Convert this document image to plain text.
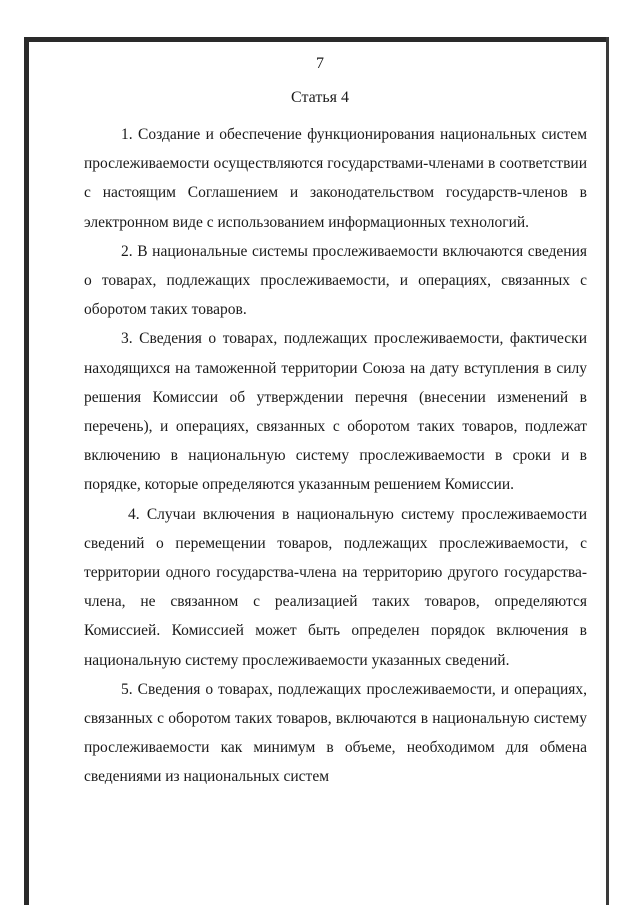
7
Статья 4

1. Создание и обеспечение функционирования национальных систем прослеживаемости осуществляются государствами-членами в соответствии с настоящим Соглашением и законодательством государств-членов в электронном виде с использованием информационных технологий.

2. В национальные системы прослеживаемости включаются сведения о товарах, подлежащих прослеживаемости, и операциях, связанных с оборотом таких товаров.

3. Сведения о товарах, подлежащих прослеживаемости, фактически находящихся на таможенной территории Союза на дату вступления в силу решения Комиссии об утверждении перечня (внесении изменений в перечень), и операциях, связанных с оборотом таких товаров, подлежат включению в национальную систему прослеживаемости в сроки и в порядке, которые определяются указанным решением Комиссии.

4. Случаи включения в национальную систему прослеживаемости сведений о перемещении товаров, подлежащих прослеживаемости, с территории одного государства-члена на территорию другого государства-члена, не связанном с реализацией таких товаров, определяются Комиссией. Комиссией может быть определен порядок включения в национальную систему прослеживаемости указанных сведений.

5. Сведения о товарах, подлежащих прослеживаемости, и операциях, связанных с оборотом таких товаров, включаются в национальную систему прослеживаемости как минимум в объеме, необходимом для обмена сведениями из национальных систем
